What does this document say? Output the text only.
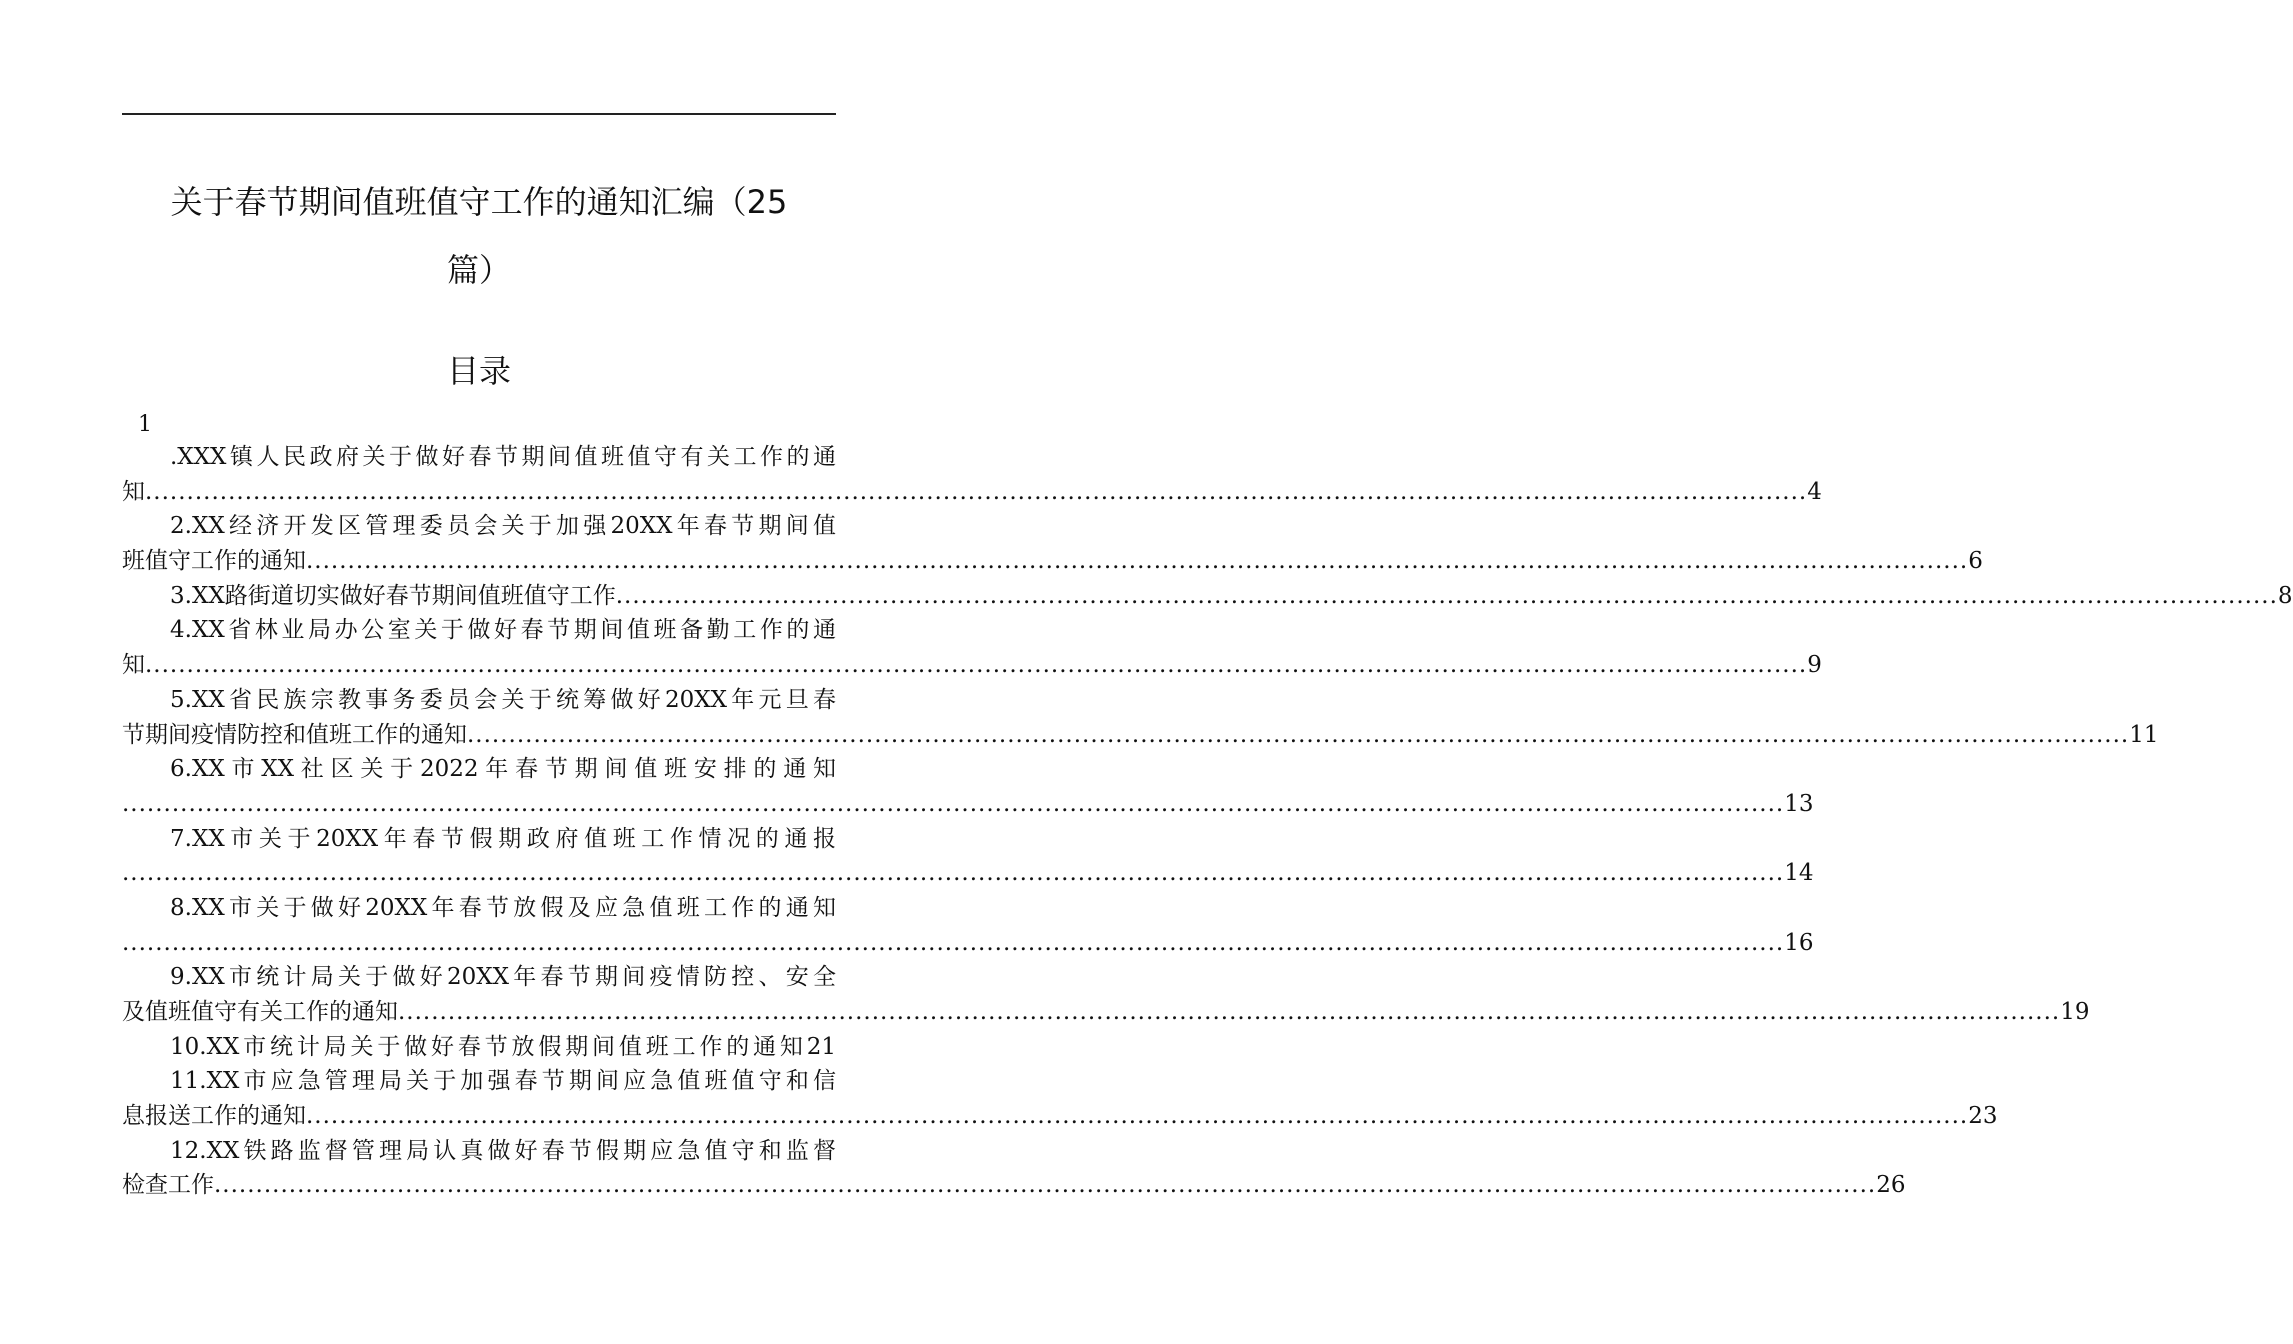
关于春节期间值班值守工作的通知汇编（25
篇）
目录
1
.XXX镇人民政府关于做好春节期间值班值守有关工作的通
知 ........................................................................................................................................................................................................ 4
2.XX经济开发区管理委员会关于加强20XX年春节期间值
班值守工作的通知 ........................................................................................................................................................................................................ 6
3.XX路街道切实做好春节期间值班值守工作 ........................................................................................................................................................................................................ 8
4.XX省林业局办公室关于做好春节期间值班备勤工作的通
知 ........................................................................................................................................................................................................ 9
5.XX省民族宗教事务委员会关于统筹做好20XX年元旦春
节期间疫情防控和值班工作的通知 ........................................................................................................................................................................................................ 11
6.XX市XX社区关于2022年春节期间值班安排的通知
........................................................................................................................................................................................................ 13
7.XX市关于20XX年春节假期政府值班工作情况的通报
........................................................................................................................................................................................................ 14
8.XX市关于做好20XX年春节放假及应急值班工作的通知
........................................................................................................................................................................................................ 16
9.XX市统计局关于做好20XX年春节期间疫情防控、安全
及值班值守有关工作的通知 ........................................................................................................................................................................................................ 19
10.XX市统计局关于做好春节放假期间值班工作的通知21
11.XX市应急管理局关于加强春节期间应急值班值守和信
息报送工作的通知 ........................................................................................................................................................................................................ 23
12.XX铁路监督管理局认真做好春节假期应急值守和监督
检查工作 ........................................................................................................................................................................................................ 26
